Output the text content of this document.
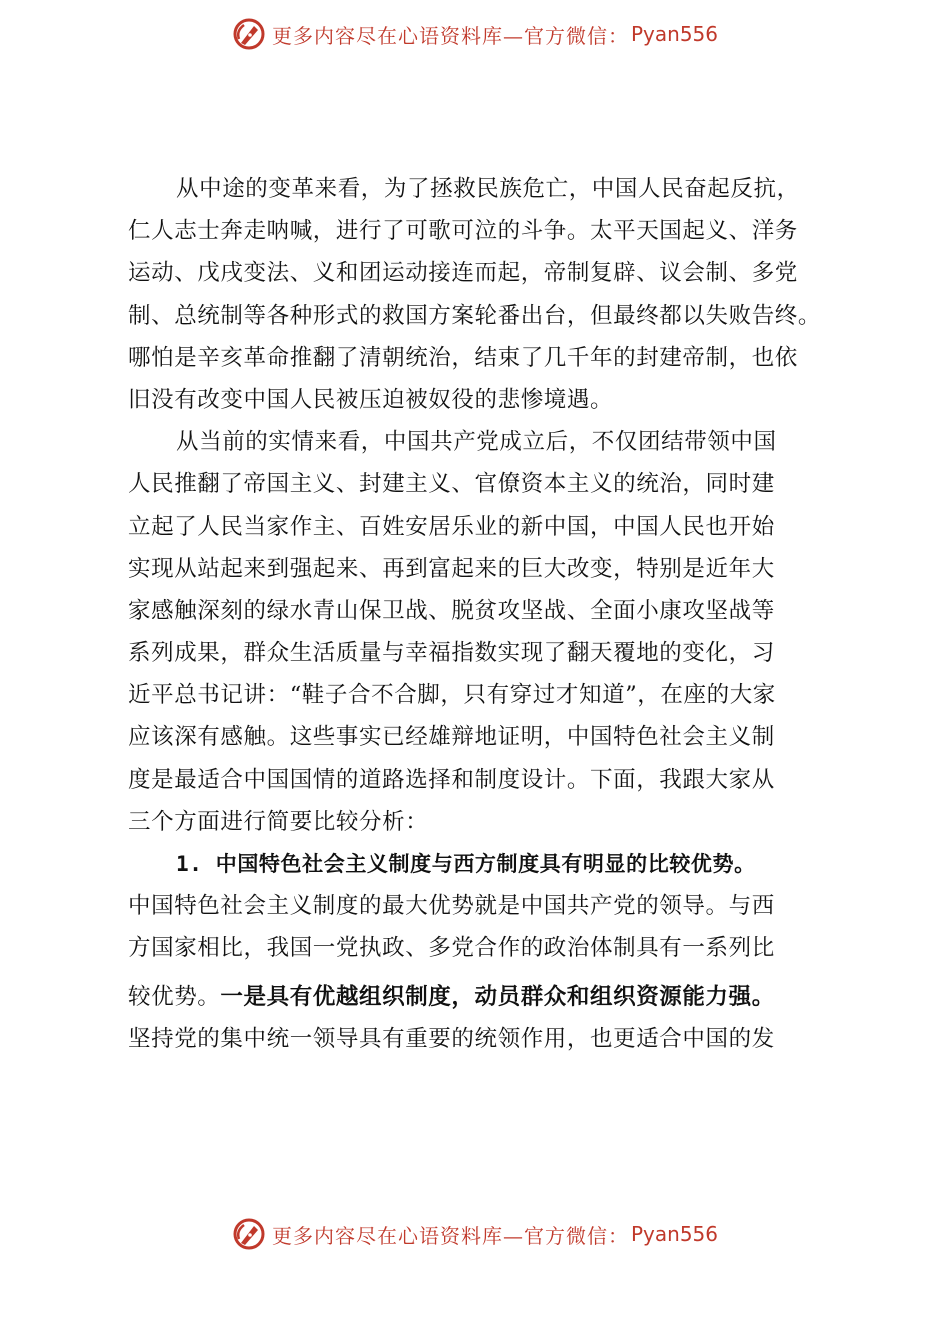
更多内容尽在心语资料库—官方微信： Pyan556
从中途的变革来看，为了拯救民族危亡，中国人民奋起反抗，
仁人志士奔走呐喊，进行了可歌可泣的斗争。太平天国起义、洋务
运动、戊戌变法、义和团运动接连而起，帝制复辟、议会制、多党
制、总统制等各种形式的救国方案轮番出台，但最终都以失败告终。
哪怕是辛亥革命推翻了清朝统治，结束了几千年的封建帝制，也依
旧没有改变中国人民被压迫被奴役的悲惨境遇。
从当前的实情来看，中国共产党成立后，不仅团结带领中国
人民推翻了帝国主义、封建主义、官僚资本主义的统治，同时建
立起了人民当家作主、百姓安居乐业的新中国，中国人民也开始
实现从站起来到强起来、再到富起来的巨大改变，特别是近年大
家感触深刻的绿水青山保卫战、脱贫攻坚战、全面小康攻坚战等
系列成果，群众生活质量与幸福指数实现了翻天覆地的变化，习
近平总书记讲：“鞋子合不合脚，只有穿过才知道”，在座的大家
应该深有感触。这些事实已经雄辩地证明，中国特色社会主义制
度是最适合中国国情的道路选择和制度设计。下面，我跟大家从
三个方面进行简要比较分析：
1. 中国特色社会主义制度与西方制度具有明显的比较优势。
中国特色社会主义制度的最大优势就是中国共产党的领导。与西
方国家相比，我国一党执政、多党合作的政治体制具有一系列比
较优势。一是具有优越组织制度，动员群众和组织资源能力强。
坚持党的集中统一领导具有重要的统领作用，也更适合中国的发
更多内容尽在心语资料库—官方微信： Pyan556
